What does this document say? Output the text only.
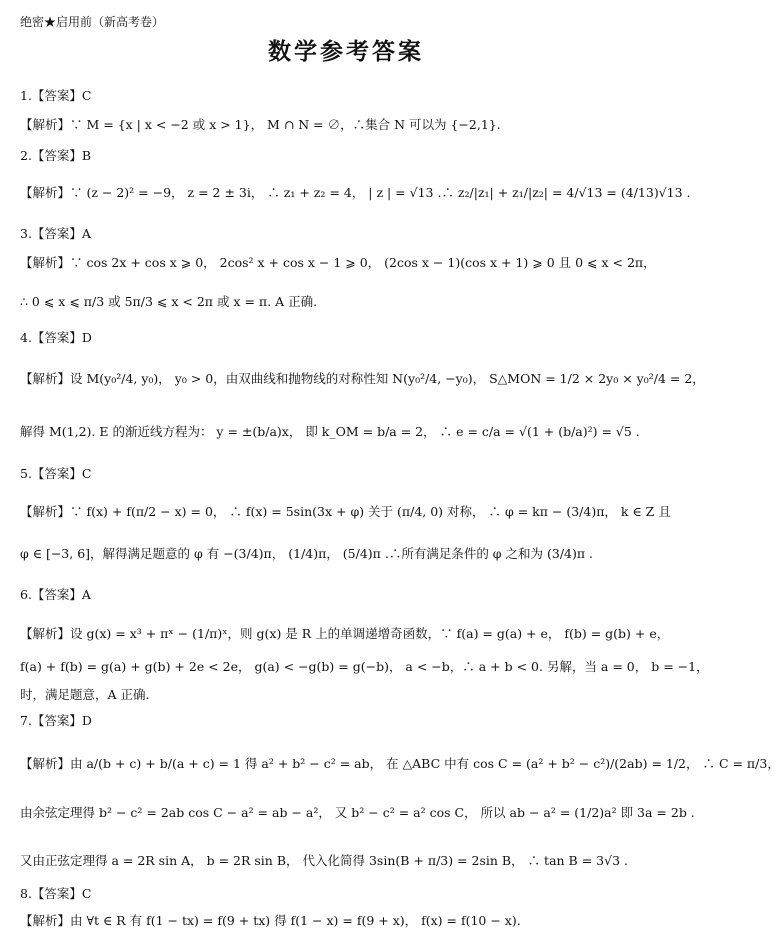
绝密★启用前（新高考卷）
数学参考答案
1.【答案】C
【解析】∵ M = {x | x < −2 或 x > 1}， M ∩ N = ∅，∴集合 N 可以为 {−2,1}.
2.【答案】B
【解析】∵ (z − 2)² = −9， z = 2 ± 3i， ∴ z₁ + z₂ = 4， | z | = √13 .∴ z₂/|z₁| + z₁/|z₂| = 4/√13 = (4/13)√13 .
3.【答案】A
【解析】∵ cos 2x + cos x ⩾ 0， 2cos² x + cos x − 1 ⩾ 0， (2cos x − 1)(cos x + 1) ⩾ 0 且 0 ⩽ x < 2π，
∴ 0 ⩽ x ⩽ π/3 或 5π/3 ⩽ x < 2π 或 x = π. A 正确.
4.【答案】D
【解析】设 M(y₀²/4, y₀)， y₀ > 0，由双曲线和抛物线的对称性知 N(y₀²/4, −y₀)， S△MON = 1/2 × 2y₀ × y₀²/4 = 2，
解得 M(1,2). E 的渐近线方程为： y = ±(b/a)x， 即 k_OM = b/a = 2， ∴ e = c/a = √(1 + (b/a)²) = √5 .
5.【答案】C
【解析】∵ f(x) + f(π/2 − x) = 0， ∴ f(x) = 5sin(3x + φ) 关于 (π/4, 0) 对称， ∴ φ = kπ − (3/4)π， k ∈ Z 且
φ ∈ [−3, 6]，解得满足题意的 φ 有 −(3/4)π， (1/4)π， (5/4)π .∴所有满足条件的 φ 之和为 (3/4)π .
6.【答案】A
【解析】设 g(x) = x³ + πˣ − (1/π)ˣ，则 g(x) 是 R 上的单调递增奇函数，∵ f(a) = g(a) + e， f(b) = g(b) + e，
f(a) + f(b) = g(a) + g(b) + 2e < 2e， g(a) < −g(b) = g(−b)， a < −b，∴ a + b < 0. 另解，当 a = 0， b = −1，
时，满足题意，A 正确.
7.【答案】D
【解析】由 a/(b + c) + b/(a + c) = 1 得 a² + b² − c² = ab， 在 △ABC 中有 cos C = (a² + b² − c²)/(2ab) = 1/2， ∴ C = π/3，
由余弦定理得 b² − c² = 2ab cos C − a² = ab − a²， 又 b² − c² = a² cos C， 所以 ab − a² = (1/2)a² 即 3a = 2b .
又由正弦定理得 a = 2R sin A， b = 2R sin B， 代入化简得 3sin(B + π/3) = 2sin B， ∴ tan B = 3√3 .
8.【答案】C
【解析】由 ∀t ∈ R 有 f(1 − tx) = f(9 + tx) 得 f(1 − x) = f(9 + x)， f(x) = f(10 − x).
